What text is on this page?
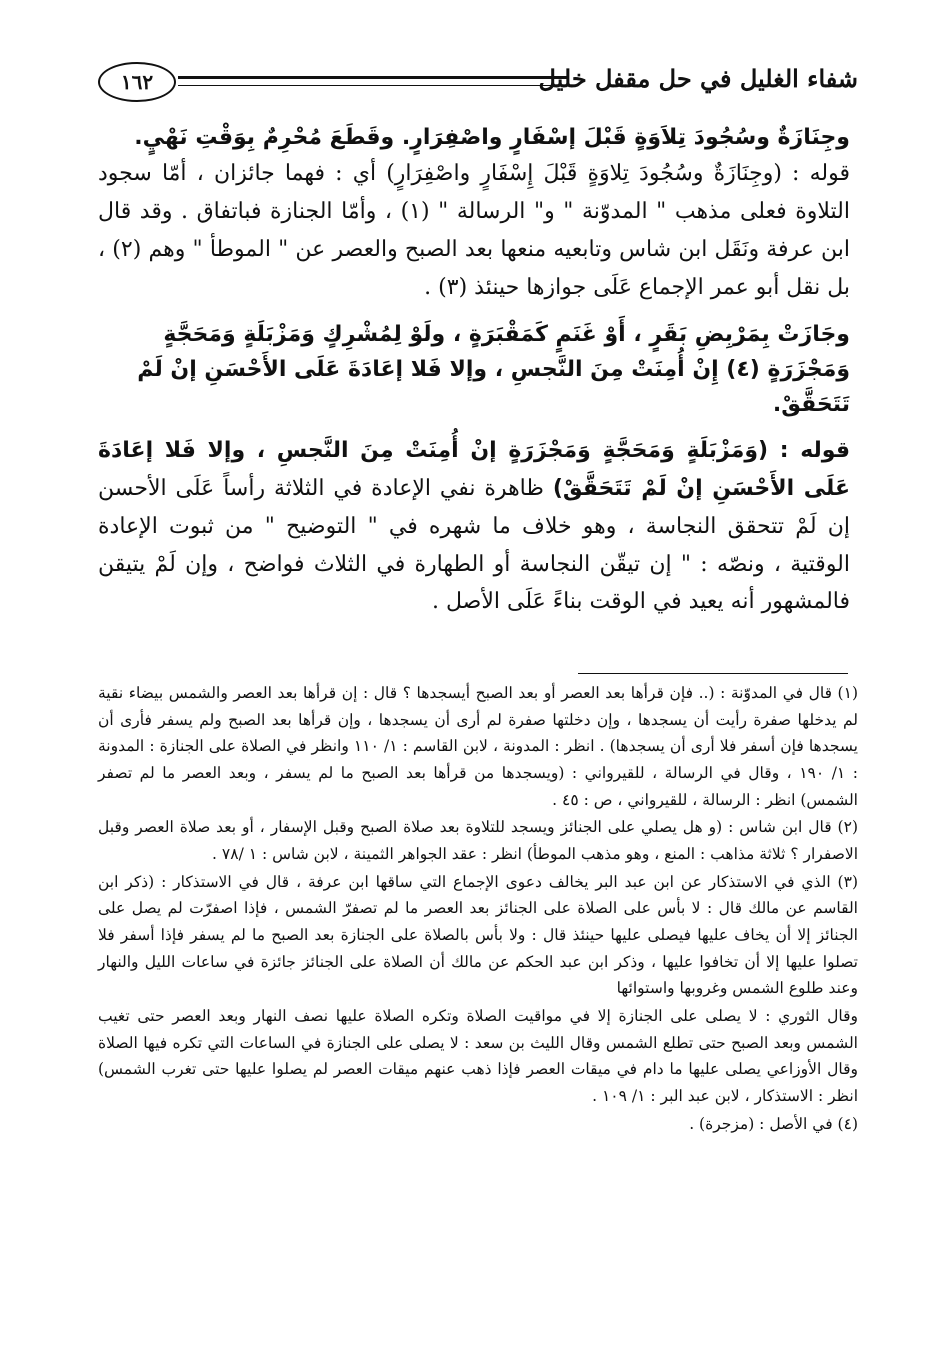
١٦٢	شفاء الغليل في حل مقفل خليل

وجِنَازَةٌ وسُجُودَ تِلاَوَةٍ قَبْلَ إسْفَارٍ واصْفِرَارٍ. وقَطَعَ مُحْرِمٌ بِوَقْتِ نَهْيٍ.

قوله : (وجِنَازَةٌ وسُجُودَ تِلاوَةٍ قَبْلَ إِسْفَارٍ واصْفِرَارٍ) أي : فهما جائزان ، أمّا سجود التلاوة فعلى مذهب " المدوّنة " و" الرسالة " (١) ، وأمّا الجنازة فباتفاق . وقد قال ابن عرفة ونَقَل ابن شاس وتابعيه منعها بعد الصبح والعصر عن " الموطأ " وهم (٢) ، بل نقل أبو عمر الإجماع عَلَى جوازها حينئذ (٣) .

وجَازَتْ بِمَرْبِضِ بَقَرٍ ، أَوْ غَنَمٍ كَمَقْبَرَةٍ ، ولَوْ لِمُشْرِكٍ وَمَزْبَلَةٍ وَمَحَجَّةٍ وَمَجْزَرَةٍ (٤) إِنْ أُمِنَتْ مِنَ النَّجسِ ، وإلا فَلا إعَادَةَ عَلَى الأَحْسَنِ إنْ لَمْ تَتَحَقَّقْ.

قوله : (وَمَزْبَلَةٍ وَمَحَجَّةٍ وَمَجْزَرَةٍ إنْ أُمِنَتْ مِنَ النَّجسِ ، وإلا فَلا إعَادَةَ عَلَى الأَحْسَنِ إنْ لَمْ تَتَحَقَّقْ) ظاهرة نفي الإعادة في الثلاثة رأساً عَلَى الأحسن إن لَمْ تتحقق النجاسة ، وهو خلاف ما شهره في " التوضيح " من ثبوت الإعادة الوقتية ، ونصّه : " إن تيقّن النجاسة أو الطهارة في الثلاث فواضح ، وإن لَمْ يتيقن فالمشهور أنه يعيد في الوقت بناءً عَلَى الأصل .

(١) قال في المدوّنة : (.. فإن قرأها بعد العصر أو بعد الصبح أيسجدها ؟ قال : إن قرأها بعد العصر والشمس بيضاء نقية لم يدخلها صفرة رأيت أن يسجدها ، وإن دخلتها صفرة لم أرى أن يسجدها ، وإن قرأها بعد الصبح ولم يسفر فأرى أن يسجدها فإن أسفر فلا أرى أن يسجدها) . انظر : المدونة ، لابن القاسم : ١/ ١١٠ وانظر في الصلاة على الجنازة : المدونة : ١/ ١٩٠ ، وقال في الرسالة ، للقيرواني : (ويسجدها من قرأها بعد الصبح ما لم يسفر ، وبعد العصر ما لم تصفر الشمس) انظر : الرسالة ، للقيرواني ، ص : ٤٥ .

(٢) قال ابن شاس : (و هل يصلي على الجنائز ويسجد للتلاوة بعد صلاة الصبح وقبل الإسفار ، أو بعد صلاة العصر وقبل الاصفرار ؟ ثلاثة مذاهب : المنع ، وهو مذهب الموطأ) انظر : عقد الجواهر الثمينة ، لابن شاس : ١ /٧٨ .

(٣) الذي في الاستذكار عن ابن عبد البر يخالف دعوى الإجماع التي ساقها ابن عرفة ، قال في الاستذكار : (ذكر ابن القاسم عن مالك قال : لا بأس على الصلاة على الجنائز بعد العصر ما لم تصفرّ الشمس ، فإذا اصفرّت لم يصل على الجنائز إلا أن يخاف عليها فيصلى عليها حينئذ قال : ولا بأس بالصلاة على الجنازة بعد الصبح ما لم يسفر فإذا أسفر فلا تصلوا عليها إلا أن تخافوا عليها ، وذكر ابن عبد الحكم عن مالك أن الصلاة على الجنائز جائزة في ساعات الليل والنهار وعند طلوع الشمس وغروبها واستوائها

وقال الثوري : لا يصلى على الجنازة إلا في مواقيت الصلاة وتكره الصلاة عليها نصف النهار وبعد العصر حتى تغيب الشمس وبعد الصبح حتى تطلع الشمس وقال الليث بن سعد : لا يصلى على الجنازة في الساعات التي تكره فيها الصلاة وقال الأوزاعي يصلى عليها ما دام في ميقات العصر فإذا ذهب عنهم ميقات العصر لم يصلوا عليها حتى تغرب الشمس) انظر : الاستذكار ، لابن عبد البر : ١/ ١٠٩ .

(٤) في الأصل : (مزجرة) .
